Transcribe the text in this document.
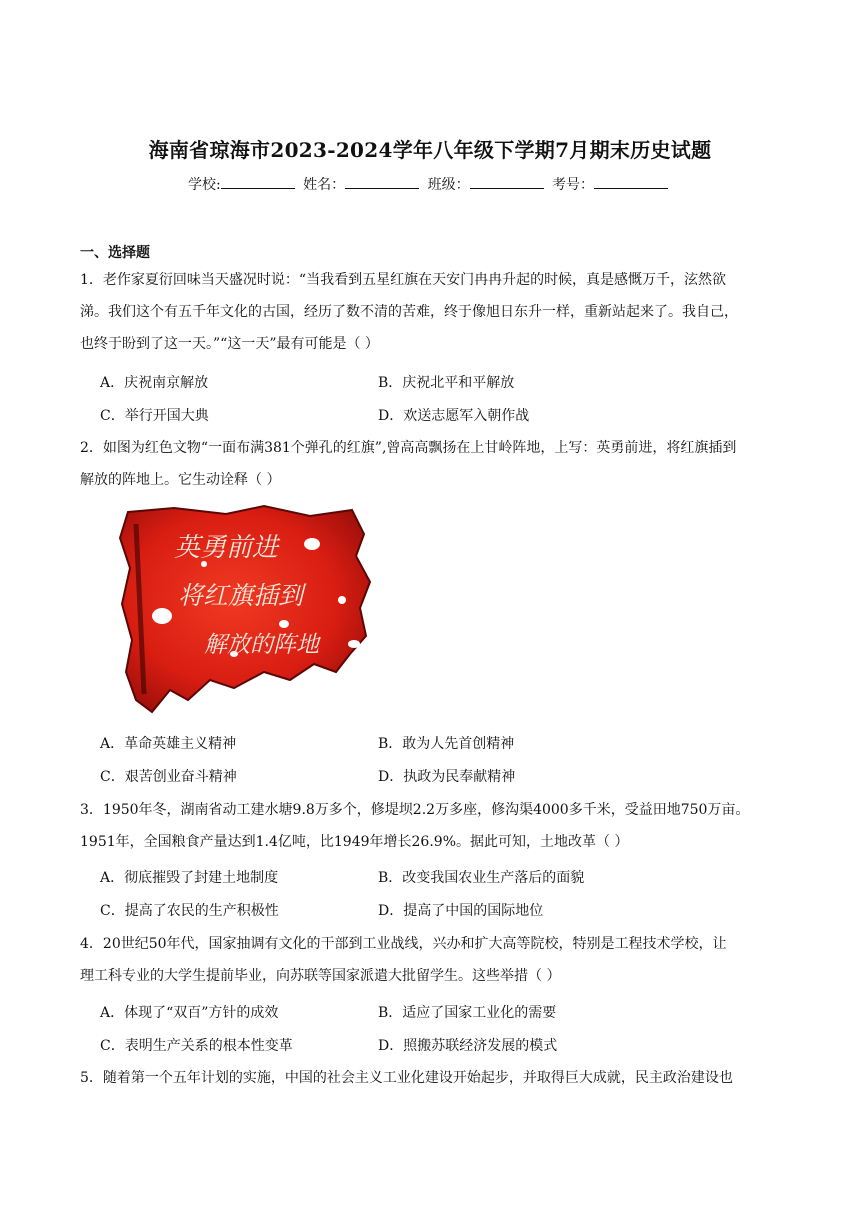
海南省琼海市2023-2024学年八年级下学期7月期末历史试题
学校:	姓名：	班级：	考号：
一、选择题
1．老作家夏衍回味当天盛况时说：“当我看到五星红旗在天安门冉冉升起的时候，真是感慨万千，泫然欲
涕。我们这个有五千年文化的古国，经历了数不清的苦难，终于像旭日东升一样，重新站起来了。我自己，
也终于盼到了这一天。”“这一天”最有可能是（ ）
A．庆祝南京解放	B．庆祝北平和平解放
C．举行开国大典	D．欢送志愿军入朝作战
2．如图为红色文物“一面布满381个弹孔的红旗”,曾高高飘扬在上甘岭阵地，上写：英勇前进，将红旗插到
解放的阵地上。它生动诠释（ ）
英勇前进
将红旗插到
解放的阵地
A．革命英雄主义精神	B．敢为人先首创精神
C．艰苦创业奋斗精神	D．执政为民奉献精神
3．1950年冬，湖南省动工建水塘9.8万多个，修堤坝2.2万多座，修沟渠4000多千米，受益田地750万亩。
1951年，全国粮食产量达到1.4亿吨，比1949年增长26.9%。据此可知，土地改革（ ）
A．彻底摧毁了封建土地制度	B．改变我国农业生产落后的面貌
C．提高了农民的生产积极性	D．提高了中国的国际地位
4．20世纪50年代，国家抽调有文化的干部到工业战线，兴办和扩大高等院校，特别是工程技术学校，让
理工科专业的大学生提前毕业，向苏联等国家派遣大批留学生。这些举措（ ）
A．体现了“双百”方针的成效	B．适应了国家工业化的需要
C．表明生产关系的根本性变革	D．照搬苏联经济发展的模式
5．随着第一个五年计划的实施，中国的社会主义工业化建设开始起步，并取得巨大成就，民主政治建设也
